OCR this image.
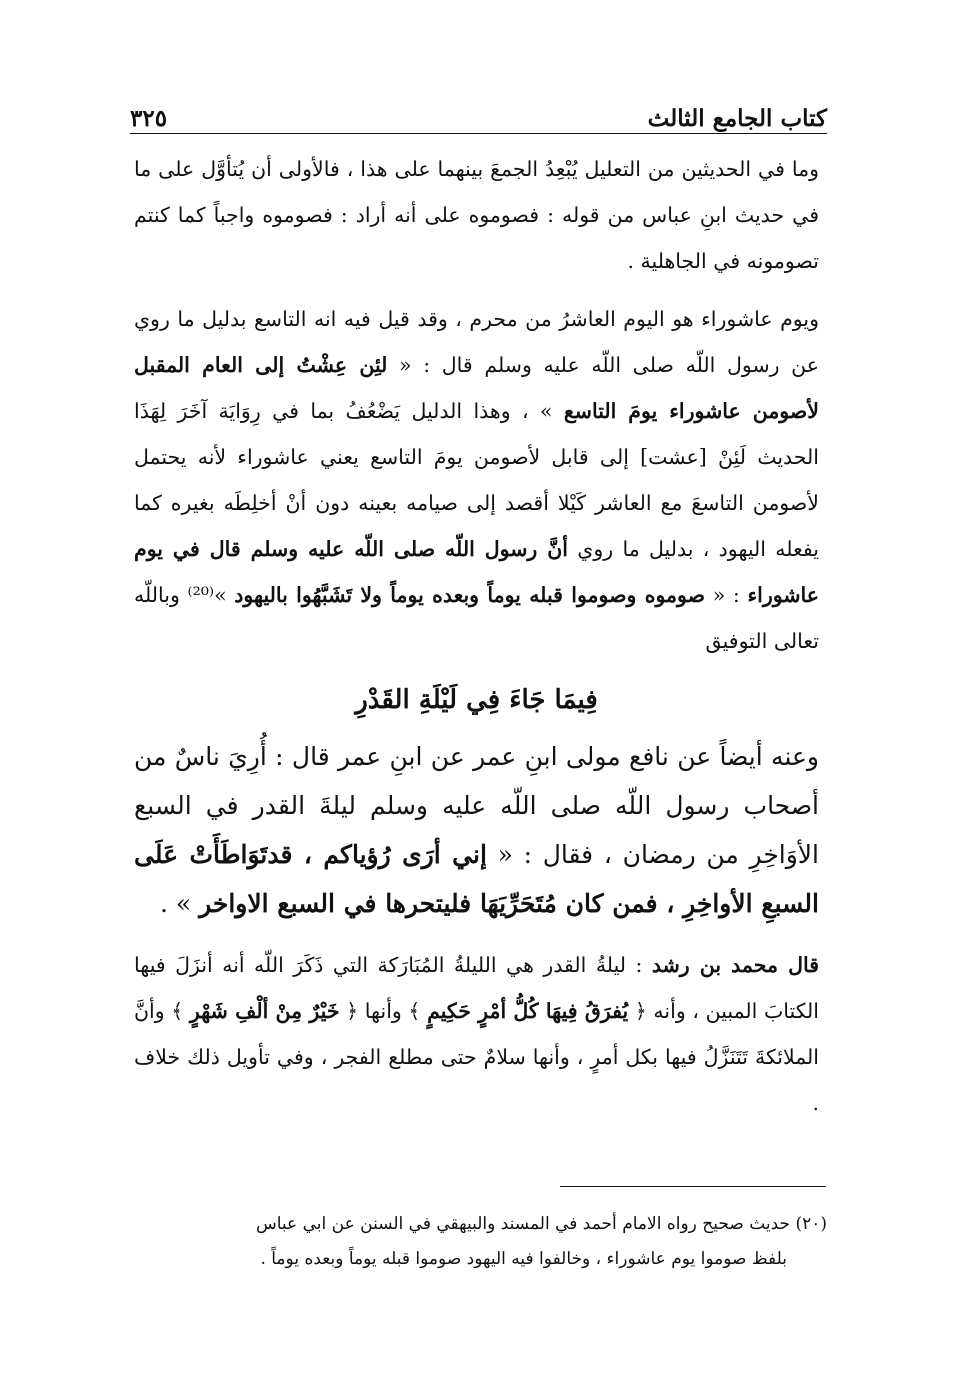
كتاب الجامع الثالث
٣٢٥

وما في الحديثين من التعليل يُبْعِدُ الجمعَ بينهما على هذا ، فالأولى أن يُتأوَّل على ما في حديث ابنِ عباس من قوله : فصوموه على أنه أراد : فصوموه واجباً كما كنتم تصومونه في الجاهلية .

ويوم عاشوراء هو اليوم العاشرُ من محرم ، وقد قيل فيه انه التاسع بدليل ما روي عن رسول اللّه صلى اللّه عليه وسلم قال : « لئِن عِشْتُ إلى العام المقبل لأصومن عاشوراء يومَ التاسع » ، وهذا الدليل يَضْعُفُ بما في رِوَايَة آخَرَ لِهَذَا الحديث لَئِنْ [عشت] إلى قابل لأصومن يومَ التاسع يعني عاشوراء لأنه يحتمل لأصومن التاسعَ مع العاشر كَيْلا أقصد إلى صيامه بعينه دون أنْ أخلِطَه بغيره كما يفعله اليهود ، بدليل ما روي أنَّ رسول اللّه صلى اللّه عليه وسلم قال في يوم عاشوراء : « صوموه وصوموا قبله يوماً وبعده يوماً ولا تَشَبَّهُوا باليهود »⁽²⁰⁾ وباللّه تعالى التوفيق

فِيمَا جَاءَ فِي لَيْلَةِ القَدْرِ

وعنه أيضاً عن نافع مولى ابنِ عمر عن ابنِ عمر قال : أُرِيَ ناسٌ من أصحاب رسول اللّه صلى اللّه عليه وسلم ليلةَ القدر في السبع الأوَاخِرِ من رمضان ، فقال : « إني أرَى رُؤياكم ، قدتَوَاطَأَتْ عَلَى السبعِ الأواخِرِ ، فمن كان مُتَحَرِّيَهَا فليتحرها في السبع الاواخر » .

قال محمد بن رشد : ليلةُ القدر هي الليلةُ المُبَارَكة التي ذَكَرَ اللّه أنه أنزَلَ فيها الكتابَ المبين ، وأنه ﴿ يُفرَقُ فِيهَا كُلُّ أمْرٍ حَكِيمٍ ﴾ وأنها ﴿ خَيْرٌ مِنْ ألْفِ شَهْرٍ ﴾ وأنَّ الملائكةَ تَتَنَزَّلُ فيها بكل أمرٍ ، وأنها سلامٌ حتى مطلع الفجر ، وفي تأويل ذلك خلاف .

(٢٠) حديث صحيح رواه الامام أحمد في المسند والبيهقي في السنن عن ابي عباس

بلفظ صوموا يوم عاشوراء ، وخالفوا فيه اليهود صوموا قبله يوماً وبعده يوماً .
